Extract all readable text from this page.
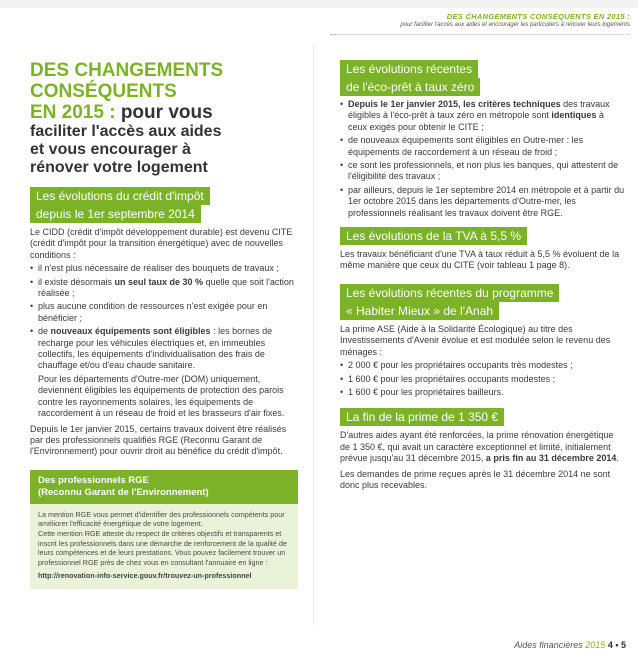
DES CHANGEMENTS CONSÉQUENTS EN 2015 :
pour faciliter l'accès aux aides et encourager les particuliers à rénover leurs logements
DES CHANGEMENTS
CONSÉQUENTS
EN 2015 : pour vous
faciliter l'accès aux aides
et vous encourager à
rénover votre logement
Les évolutions du crédit d'impôt
depuis le 1er septembre 2014

Le CIDD (crédit d'impôt développement durable) est devenu CITE (crédit d'impôt pour la transition énergétique) avec de nouvelles conditions :

• il n'est plus nécessaire de réaliser des bouquets de travaux ;
• il existe désormais un seul taux de 30 % quelle que soit l'action réalisée ;
• plus aucune condition de ressources n'est exigée pour en bénéficier ;
• de nouveaux équipements sont éligibles : les bornes de recharge pour les véhicules électriques et, en immeubles collectifs, les équipements d'individualisation des frais de chauffage et/ou d'eau chaude sanitaire.
Pour les départements d'Outre-mer (DOM) uniquement, deviennent éligibles les équipements de protection des parois contre les rayonnements solaires, les équipements de raccordement à un réseau de froid et les brasseurs d'air fixes.

Depuis le 1er janvier 2015, certains travaux doivent être réalisés par des professionnels qualifiés RGE (Reconnu Garant de l'Environnement) pour ouvrir droit au bénéfice du crédit d'impôt.

Des professionnels RGE
(Reconnu Garant de l'Environnement)

La mention RGE vous permet d'identifier des professionnels compétents pour améliorer l'efficacité énergétique de votre logement.

Cette mention RGE atteste du respect de critères objectifs et transparents et inscrit les professionnels dans une démarche de renforcement de la qualité de leurs compétences et de leurs prestations. Vous pouvez facilement trouver un professionnel RGE près de chez vous en consultant l'annuaire en ligne :

http://renovation-info-service.gouv.fr/trouvez-un-professionnel

Les évolutions récentes
de l'éco-prêt à taux zéro
• Depuis le 1er janvier 2015, les critères techniques des travaux éligibles à l'éco-prêt à taux zéro en métropole sont identiques à ceux exigés pour obtenir le CITE ;
• de nouveaux équipements sont éligibles en Outre-mer : les équipements de raccordement à un réseau de froid ;
• ce sont les professionnels, et non plus les banques, qui attestent de l'éligibilité des travaux ;
• par ailleurs, depuis le 1er septembre 2014 en métropole et à partir du 1er octobre 2015 dans les départements d'Outre-mer, les professionnels réalisant les travaux doivent être RGE.
Les évolutions de la TVA à 5,5 %

Les travaux bénéficiant d'une TVA à taux réduit à 5,5 % évoluent de la même manière que ceux du CITE (voir tableau 1 page 8).

Les évolutions récentes du programme
« Habiter Mieux » de l'Anah

La prime ASE (Aide à la Solidarité Écologique) au titre des Investissements d'Avenir évolue et est modulée selon le revenu des ménages :

• 2 000 € pour les propriétaires occupants très modestes ;
• 1 600 € pour les propriétaires occupants modestes ;
• 1 600 € pour les propriétaires bailleurs.
La fin de la prime de 1 350 €

D'autres aides ayant été renforcées, la prime rénovation énergétique de 1 350 €, qui avait un caractère exceptionnel et limité, initialement prévue jusqu'au 31 décembre 2015, a pris fin au 31 décembre 2014.

Les demandes de prime reçues après le 31 décembre 2014 ne sont donc plus recevables.

Aides financières 2015 4 • 5
